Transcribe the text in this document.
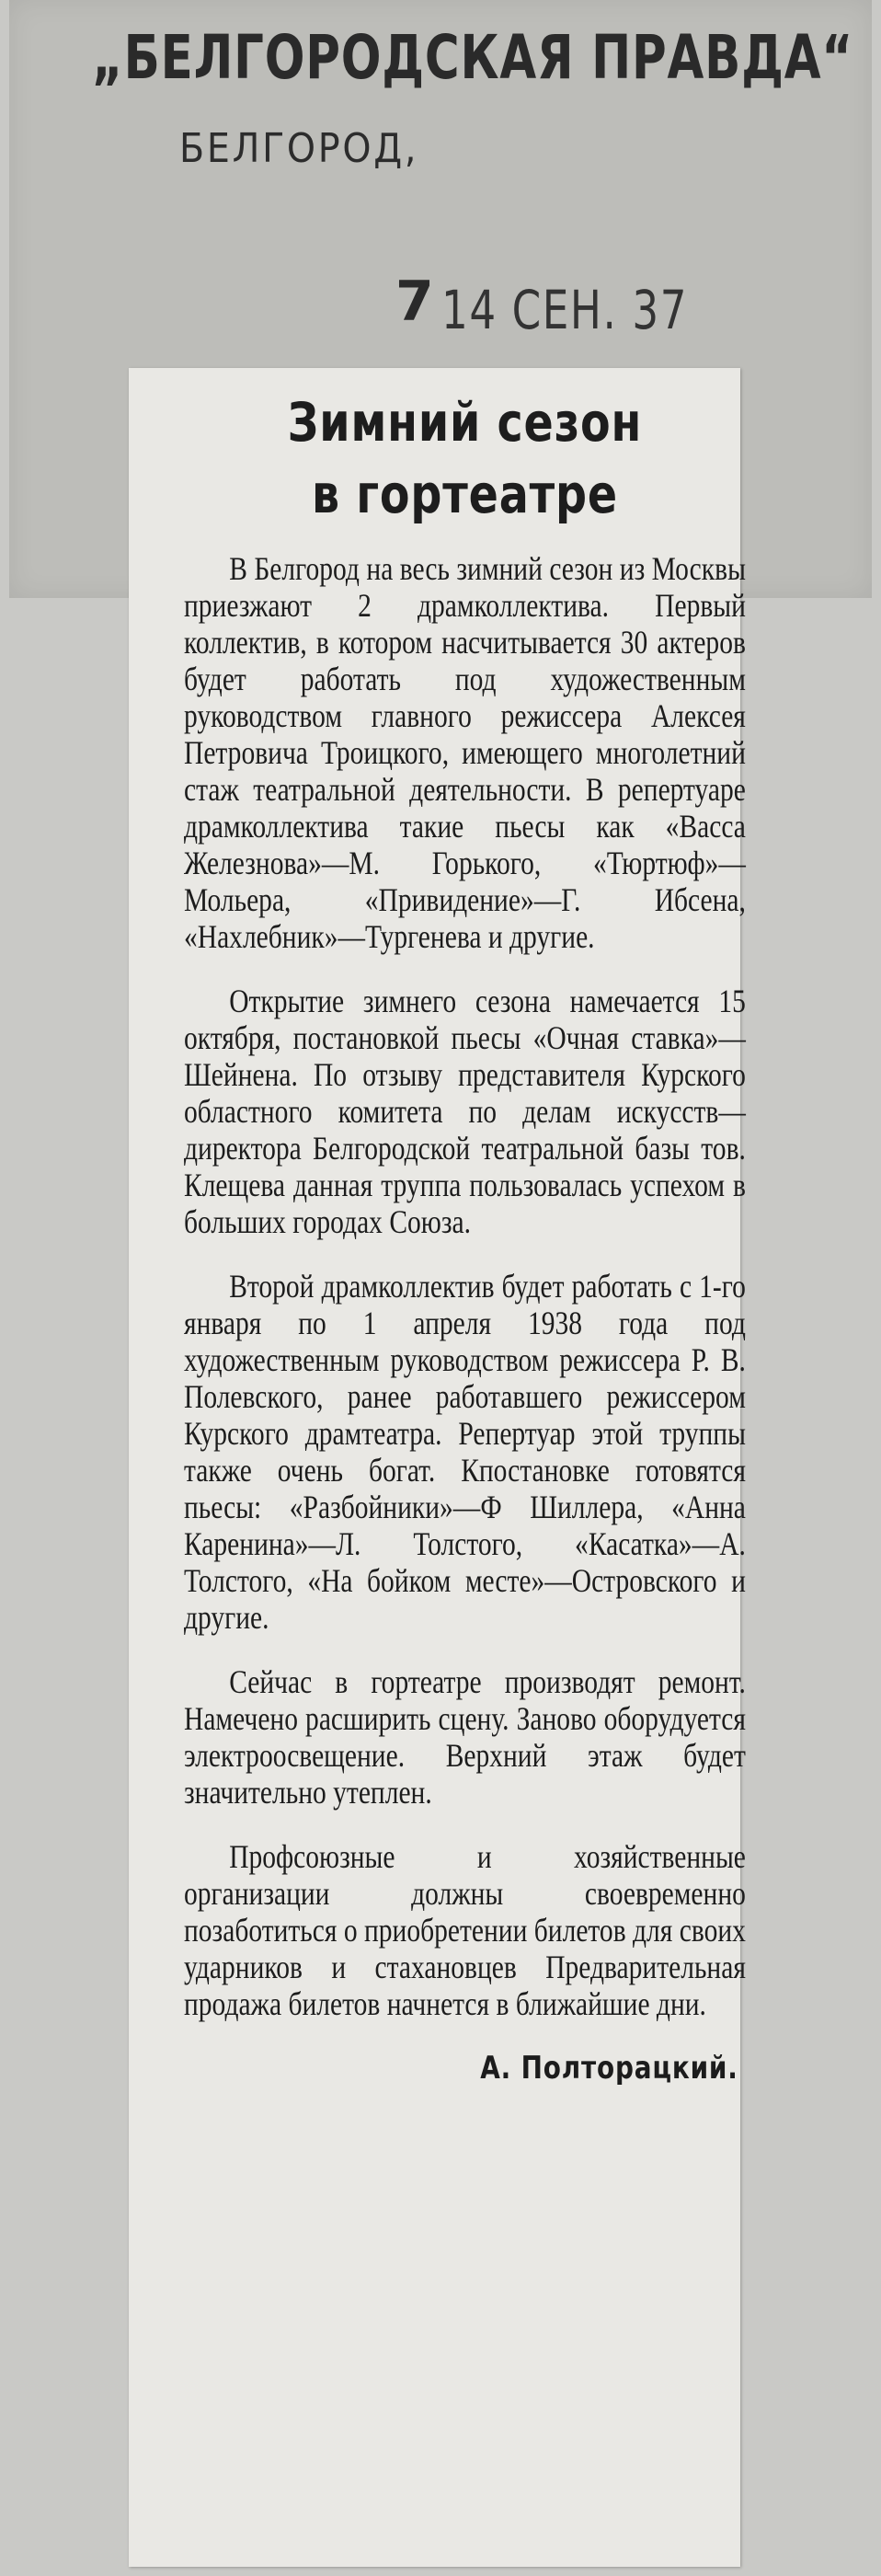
„БЕЛГОРОДСКАЯ ПРАВДА“
БЕЛГОРОД,
7 14 СЕН. 37
Зимний сезон
в гортеатре

В Белгород на весь зимний сезон из Москвы приезжают 2 драмколлектива. Первый коллектив, в котором насчитывается 30 актеров будет работать под художественным руководством главного режиссера Алексея Петровича Троицкого, имеющего многолетний стаж театральной деятельности. В репертуаре драмколлектива такие пьесы как «Васса Железнова»—М. Горького, «Тюртюф»—Мольера, «Привидение»—Г. Ибсена, «Нахлебник»—Тургенева и другие.

Открытие зимнего сезона намечается 15 октября, постановкой пьесы «Очная ставка»—Шейнена. По отзыву представителя Курского областного комитета по делам искусств—директора Белгородской театральной базы тов. Клещева данная труппа пользовалась успехом в больших городах Союза.

Второй драмколлектив будет работать с 1-го января по 1 апреля 1938 года под художественным руководством режиссера Р. В. Полевского, ранее работавшего режиссером Курского драмтеатра. Репертуар этой труппы также очень богат. Кпостановке готовятся пьесы: «Разбойники»—Ф Шиллера, «Анна Каренина»—Л. Толстого, «Касатка»—А. Толстого, «На бойком месте»—Островского и другие.

Сейчас в гортеатре производят ремонт. Намечено расширить сцену. Заново оборудуется электроосвещение. Верхний этаж будет значительно утеплен.

Профсоюзные и хозяйственные организации должны своевременно позаботиться о приобретении билетов для своих ударников и стахановцев Предварительная продажа билетов начнется в ближайшие дни.

А. Полторацкий.
